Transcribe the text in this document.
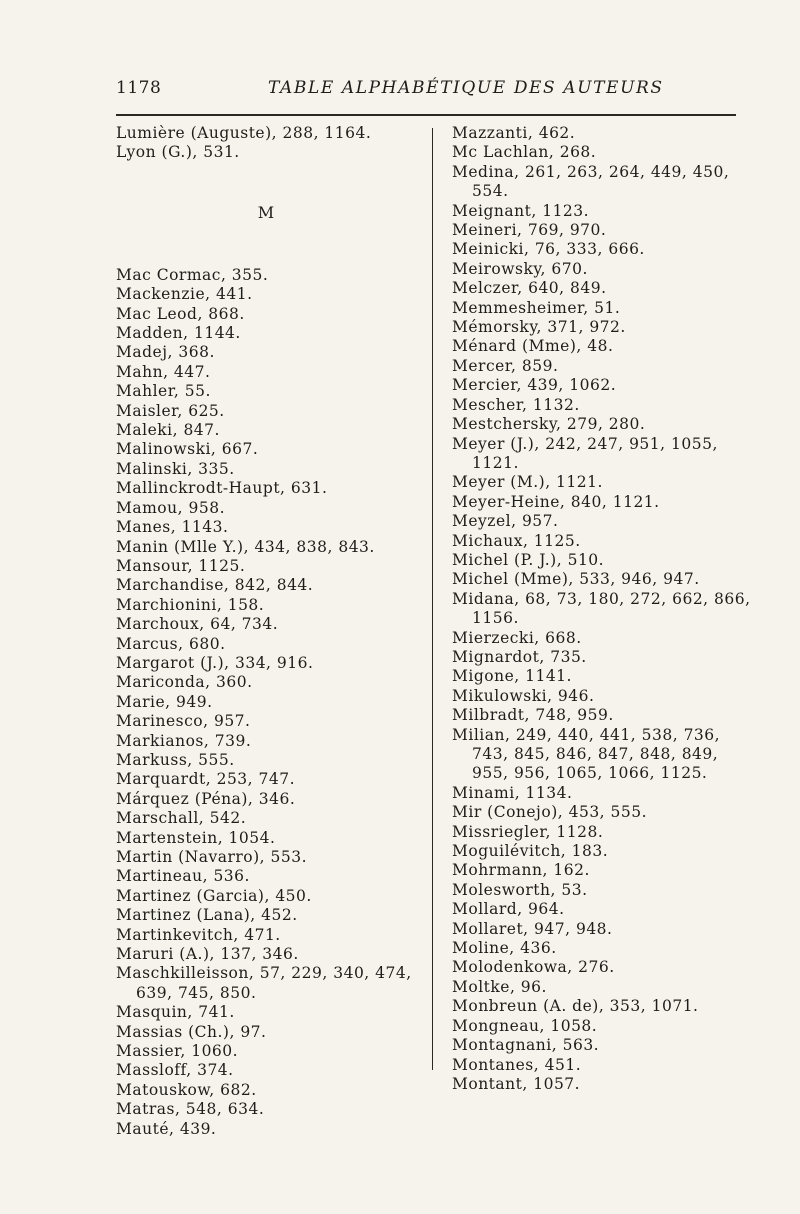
1178	TABLE ALPHABÉTIQUE DES AUTEURS
Lumière (Auguste), 288, 1164.
Lyon (G.), 531.
M
Mac Cormac, 355.
Mackenzie, 441.
Mac Leod, 868.
Madden, 1144.
Madej, 368.
Mahn, 447.
Mahler, 55.
Maisler, 625.
Maleki, 847.
Malinowski, 667.
Malinski, 335.
Mallinckrodt-Haupt, 631.
Mamou, 958.
Manes, 1143.
Manin (Mlle Y.), 434, 838, 843.
Mansour, 1125.
Marchandise, 842, 844.
Marchionini, 158.
Marchoux, 64, 734.
Marcus, 680.
Margarot (J.), 334, 916.
Mariconda, 360.
Marie, 949.
Marinesco, 957.
Markianos, 739.
Markuss, 555.
Marquardt, 253, 747.
Márquez (Péna), 346.
Marschall, 542.
Martenstein, 1054.
Martin (Navarro), 553.
Martineau, 536.
Martinez (Garcia), 450.
Martinez (Lana), 452.
Martinkevitch, 471.
Maruri (A.), 137, 346.
Maschkilleisson, 57, 229, 340, 474, 639, 745, 850.
Masquin, 741.
Massias (Ch.), 97.
Massier, 1060.
Massloff, 374.
Matouskow, 682.
Matras, 548, 634.
Mauté, 439.
Mazzanti, 462.
Mc Lachlan, 268.
Medina, 261, 263, 264, 449, 450, 554.
Meignant, 1123.
Meineri, 769, 970.
Meinicki, 76, 333, 666.
Meirowsky, 670.
Melczer, 640, 849.
Memmesheimer, 51.
Mémorsky, 371, 972.
Ménard (Mme), 48.
Mercer, 859.
Mercier, 439, 1062.
Mescher, 1132.
Mestchersky, 279, 280.
Meyer (J.), 242, 247, 951, 1055, 1121.
Meyer (M.), 1121.
Meyer-Heine, 840, 1121.
Meyzel, 957.
Michaux, 1125.
Michel (P. J.), 510.
Michel (Mme), 533, 946, 947.
Midana, 68, 73, 180, 272, 662, 866, 1156.
Mierzecki, 668.
Mignardot, 735.
Migone, 1141.
Mikulowski, 946.
Milbradt, 748, 959.
Milian, 249, 440, 441, 538, 736, 743, 845, 846, 847, 848, 849, 955, 956, 1065, 1066, 1125.
Minami, 1134.
Mir (Conejo), 453, 555.
Missriegler, 1128.
Moguilévitch, 183.
Mohrmann, 162.
Molesworth, 53.
Mollard, 964.
Mollaret, 947, 948.
Moline, 436.
Molodenkowa, 276.
Moltke, 96.
Monbreun (A. de), 353, 1071.
Mongneau, 1058.
Montagnani, 563.
Montanes, 451.
Montant, 1057.
